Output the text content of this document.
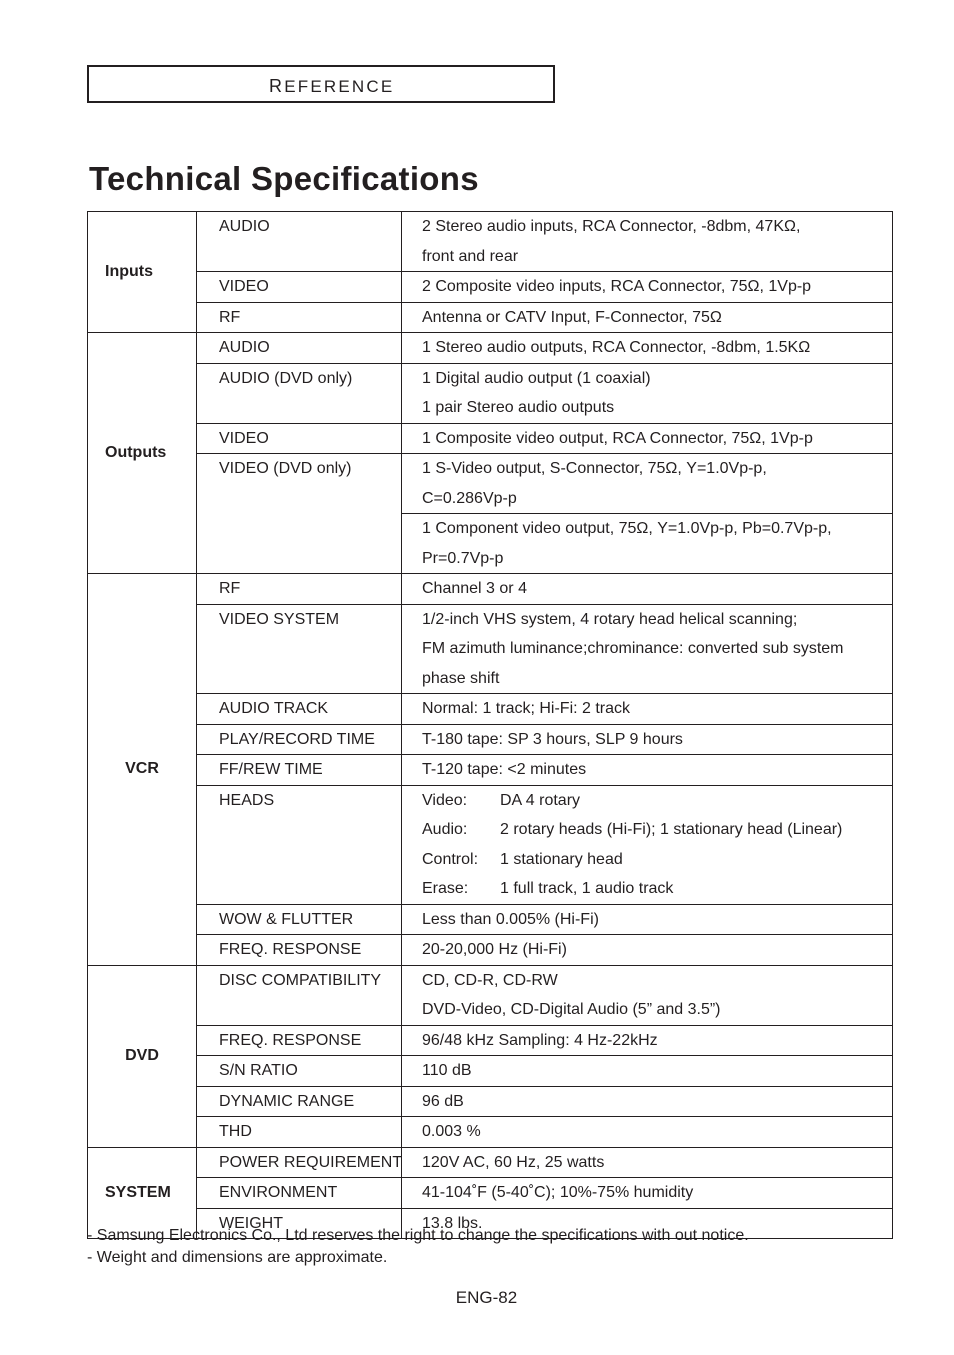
REFERENCE
Technical Specifications
Inputs	AUDIO	2 Stereo audio inputs, RCA Connector, -8dbm, 47KΩ,
front and rear

	VIDEO	2 Composite video inputs, RCA Connector, 75Ω, 1Vp-p

	RF	Antenna or CATV Input, F-Connector, 75Ω

Outputs	AUDIO	1 Stereo audio outputs, RCA Connector, -8dbm, 1.5KΩ

	AUDIO (DVD only)	1 Digital audio output (1 coaxial)
1 pair Stereo audio outputs

	VIDEO	1 Composite video output, RCA Connector, 75Ω, 1Vp-p

	VIDEO (DVD only)	1 S-Video output, S-Connector, 75Ω, Y=1.0Vp-p,
C=0.286Vp-p

		1 Component video output, 75Ω, Y=1.0Vp-p, Pb=0.7Vp-p,
Pr=0.7Vp-p

VCR	RF	Channel 3 or 4

	VIDEO SYSTEM	1/2-inch VHS system, 4 rotary head helical scanning;
FM azimuth luminance;chrominance: converted sub system
phase shift

	AUDIO TRACK	Normal: 1 track; Hi-Fi: 2 track

	PLAY/RECORD TIME	T-180 tape: SP 3 hours, SLP 9 hours

	FF/REW TIME	T-120 tape: <2 minutes

	HEADS	Video: DA 4 rotary
Audio: 2 rotary heads (Hi-Fi); 1 stationary head (Linear)
Control: 1 stationary head
Erase: 1 full track, 1 audio track

	WOW & FLUTTER	Less than 0.005% (Hi-Fi)

	FREQ. RESPONSE	20-20,000 Hz (Hi-Fi)

DVD	DISC COMPATIBILITY	CD, CD-R, CD-RW
DVD-Video, CD-Digital Audio (5” and 3.5”)

	FREQ. RESPONSE	96/48 kHz Sampling: 4 Hz-22kHz

	S/N RATIO	110 dB

	DYNAMIC RANGE	96 dB

	THD	0.003 %

SYSTEM	POWER REQUIREMENT	120V AC, 60 Hz, 25 watts

	ENVIRONMENT	41-104˚F (5-40˚C); 10%-75% humidity

	WEIGHT	13.8 lbs.
- Samsung Electronics Co., Ltd reserves the right to change the specifications with out notice.
- Weight and dimensions are approximate.
ENG-82
